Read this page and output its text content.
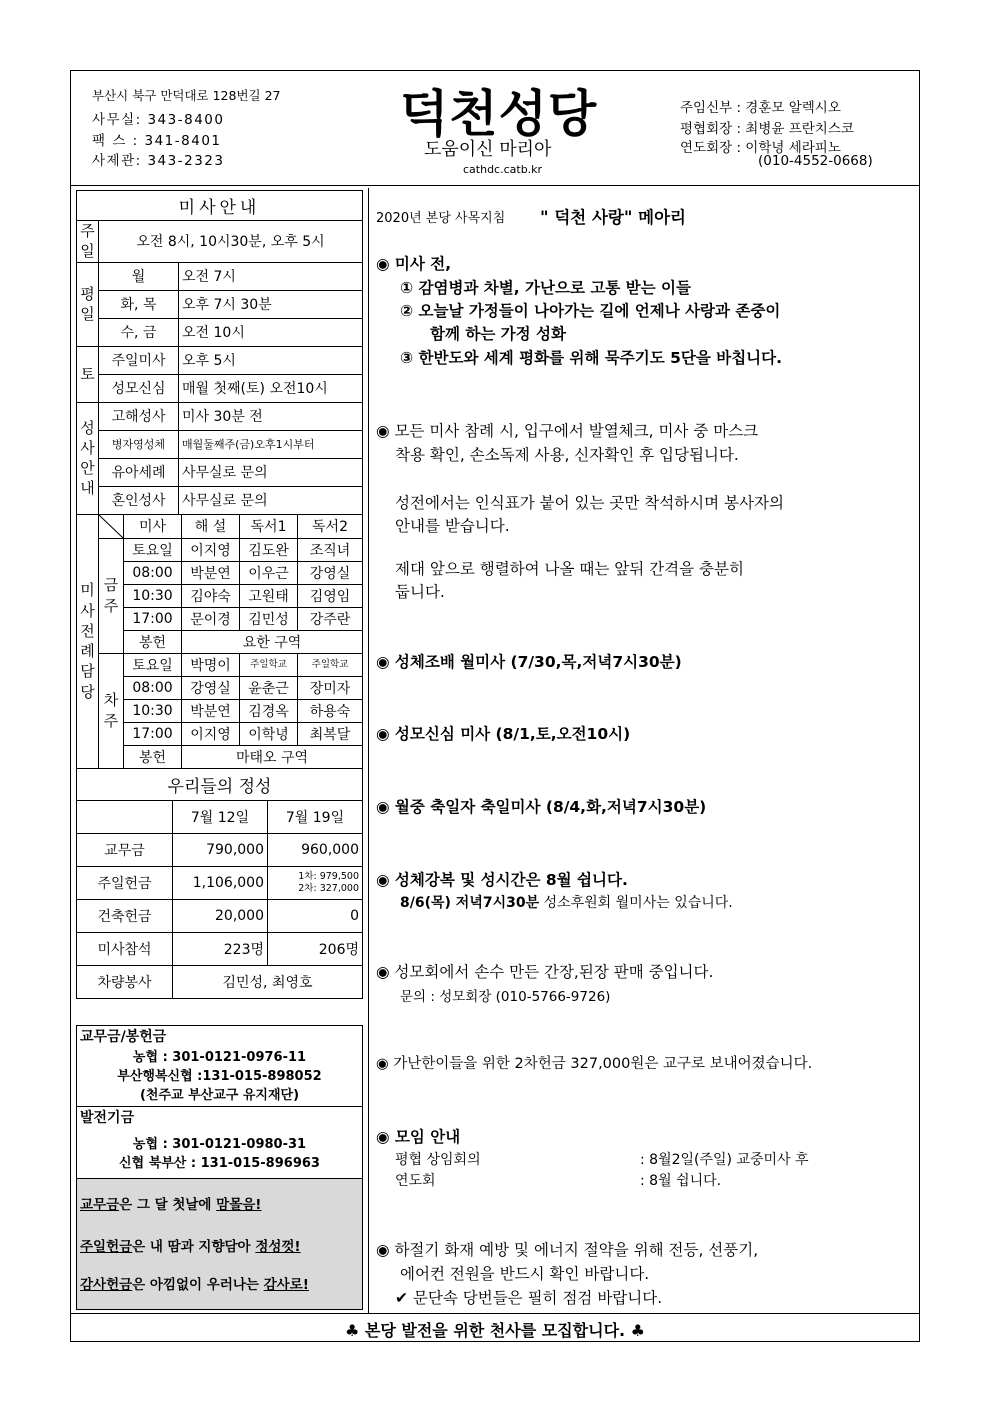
부산시 북구 만덕대로 128번길 27
사무실: 343-8400
팩 스 : 341-8401
사제관: 343-2323
덕천성당
도움이신 마리아
cathdc.catb.kr
주임신부 : 경훈모 알렉시오
평협회장 : 최병윤 프란치스코
연도회장 : 이학녕 세라피노
(010-4552-0668)
미사안내		
주일	오전 8시, 10시30분, 오후 5시	
평일	월	오전 7시
	화, 목	오후 7시 30분
	수, 금	오전 10시
토	주일미사	오후 5시
	성모신심	매월 첫째(토) 오전10시
성사안내	고해성사	미사 30분 전
	병자영성체	매월둘째주(금)오후1시부터
	유아세례	사무실로 문의
	혼인성사	사무실로 문의
미사전례담당		미사	해 설	독서1	독서2
	금주	토요일	이지영	김도완	조직녀
		08:00	박분연	이우근	강영실
		10:30	김야숙	고원태	김영임
		17:00	문이경	김민성	강주란
		봉헌	요한 구역		
	차주	토요일	박명이	주일학교	주일학교
		08:00	강영실	윤춘근	장미자
		10:30	박분연	김경옥	하용숙
		17:00	이지영	이학녕	최복달
		봉헌	마태오 구역		
우리들의 정성		
	7월 12일	7월 19일
교무금	790,000	960,000
주일헌금	1,106,000	1차: 979,500
2차: 327,000

건축헌금	20,000	0
미사참석	223명	206명
차량봉사	김민성, 최영호	
교무금/봉헌금
농협 : 301-0121-0976-11
부산행복신협 :131-015-898052
(천주교 부산교구 유지재단)
발전기금
농협 : 301-0121-0980-31
신협 북부산 : 131-015-896963
교무금은 그 달 첫날에 맘몰음!
주일헌금은 내 땀과 지향담아 정성껏!
감사헌금은 아낌없이 우러나는 감사로!
2020년 본당 사목지침 " 덕천 사랑" 메아리
◉ 미사 전,
① 감염병과 차별, 가난으로 고통 받는 이들
② 오늘날 가정들이 나아가는 길에 언제나 사랑과 존중이
함께 하는 가정 성화
③ 한반도와 세계 평화를 위해 묵주기도 5단을 바칩니다.
◉ 모든 미사 참례 시, 입구에서 발열체크, 미사 중 마스크
착용 확인, 손소독제 사용, 신자확인 후 입당됩니다.
성전에서는 인식표가 붙어 있는 곳만 착석하시며 봉사자의
안내를 받습니다.
제대 앞으로 행렬하여 나올 때는 앞뒤 간격을 충분히
둡니다.
◉ 성체조배 월미사 (7/30,목,저녁7시30분)
◉ 성모신심 미사 (8/1,토,오전10시)
◉ 월중 축일자 축일미사 (8/4,화,저녁7시30분)
◉ 성체강복 및 성시간은 8월 쉽니다.
8/6(목) 저녁7시30분 성소후원회 월미사는 있습니다.
◉ 성모회에서 손수 만든 간장,된장 판매 중입니다.
문의 : 성모회장 (010-5766-9726)
◉ 가난한이들을 위한 2차헌금 327,000원은 교구로 보내어졌습니다.
◉ 모임 안내
평협 상임회의	: 8월2일(주일) 교중미사 후
연도회	: 8월 쉽니다.
◉ 하절기 화재 예방 및 에너지 절약을 위해 전등, 선풍기,
에어컨 전원을 반드시 확인 바랍니다.
✔ 문단속 당번들은 필히 점검 바랍니다.
♣ 본당 발전을 위한 천사를 모집합니다. ♣
